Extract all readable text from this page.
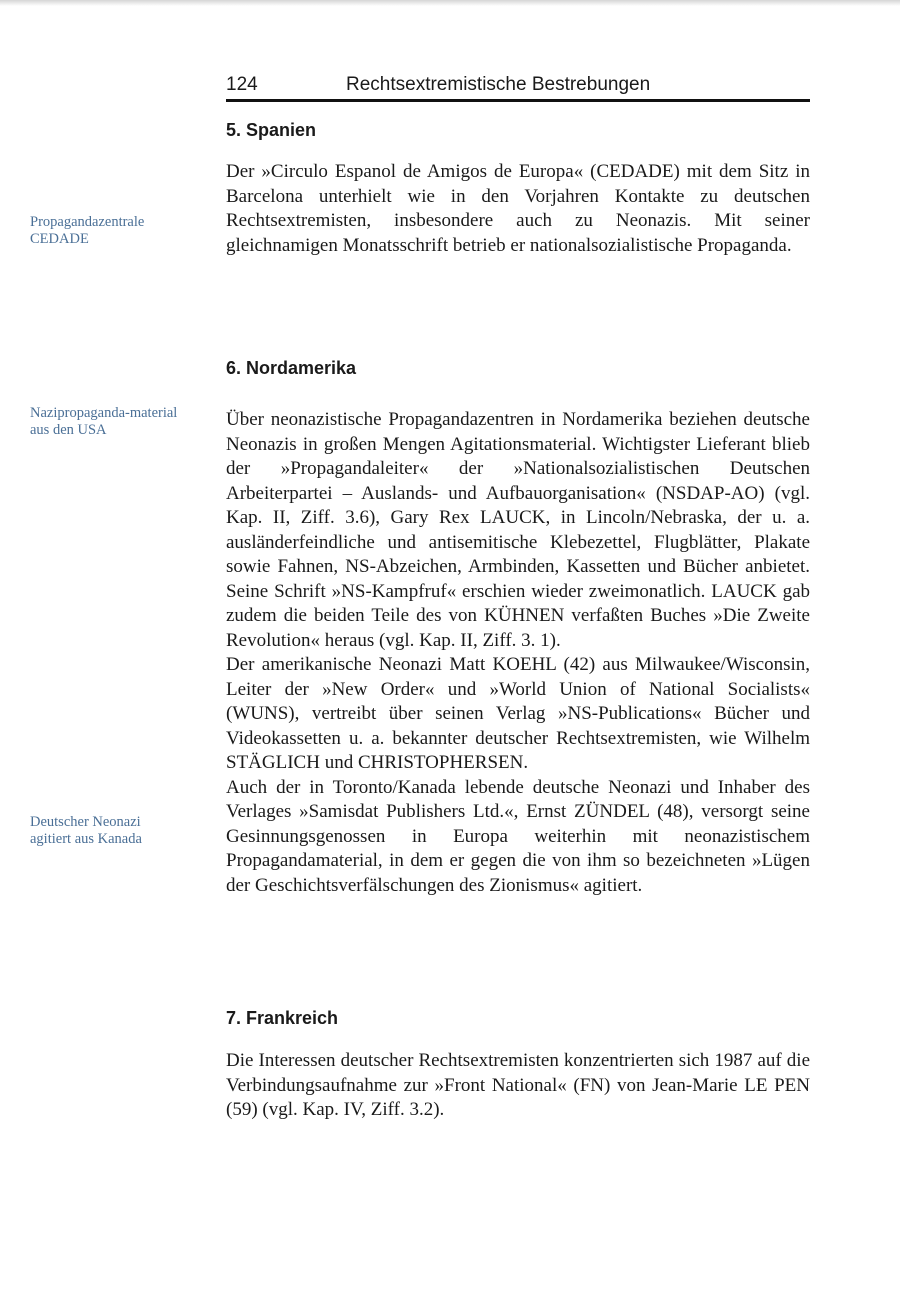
124	Rechtsextremistische Bestrebungen
5. Spanien
Propagandazentrale CEDADE

Der »Circulo Espanol de Amigos de Europa« (CEDADE) mit dem Sitz in Barcelona unterhielt wie in den Vorjahren Kontakte zu deutschen Rechtsextremisten, insbesondere auch zu Neonazis. Mit seiner gleichnamigen Monatsschrift betrieb er nationalsozialistische Propaganda.

6. Nordamerika
Nazipropaganda-material aus den USA
Deutscher Neonazi agitiert aus Kanada

Über neonazistische Propagandazentren in Nordamerika beziehen deutsche Neonazis in großen Mengen Agitationsmaterial. Wichtigster Lieferant blieb der »Propagandaleiter« der »Nationalsozialistischen Deutschen Arbeiterpartei – Auslands- und Aufbauorganisation« (NSDAP-AO) (vgl. Kap. II, Ziff. 3.6), Gary Rex LAUCK, in Lincoln/Nebraska, der u. a. ausländerfeindliche und antisemitische Klebezettel, Flugblätter, Plakate sowie Fahnen, NS-Abzeichen, Armbinden, Kassetten und Bücher anbietet. Seine Schrift »NS-Kampfruf« erschien wieder zweimonatlich. LAUCK gab zudem die beiden Teile des von KÜHNEN verfaßten Buches »Die Zweite Revolution« heraus (vgl. Kap. II, Ziff. 3. 1).

Der amerikanische Neonazi Matt KOEHL (42) aus Milwaukee/Wisconsin, Leiter der »New Order« und »World Union of National Socialists« (WUNS), vertreibt über seinen Verlag »NS-Publications« Bücher und Videokassetten u. a. bekannter deutscher Rechtsextremisten, wie Wilhelm STÄGLICH und CHRISTOPHERSEN.

Auch der in Toronto/Kanada lebende deutsche Neonazi und Inhaber des Verlages »Samisdat Publishers Ltd.«, Ernst ZÜNDEL (48), versorgt seine Gesinnungsgenossen in Europa weiterhin mit neonazistischem Propagandamaterial, in dem er gegen die von ihm so bezeichneten »Lügen der Geschichtsverfälschungen des Zionismus« agitiert.

7. Frankreich

Die Interessen deutscher Rechtsextremisten konzentrierten sich 1987 auf die Verbindungsaufnahme zur »Front National« (FN) von Jean-Marie LE PEN (59) (vgl. Kap. IV, Ziff. 3.2).
